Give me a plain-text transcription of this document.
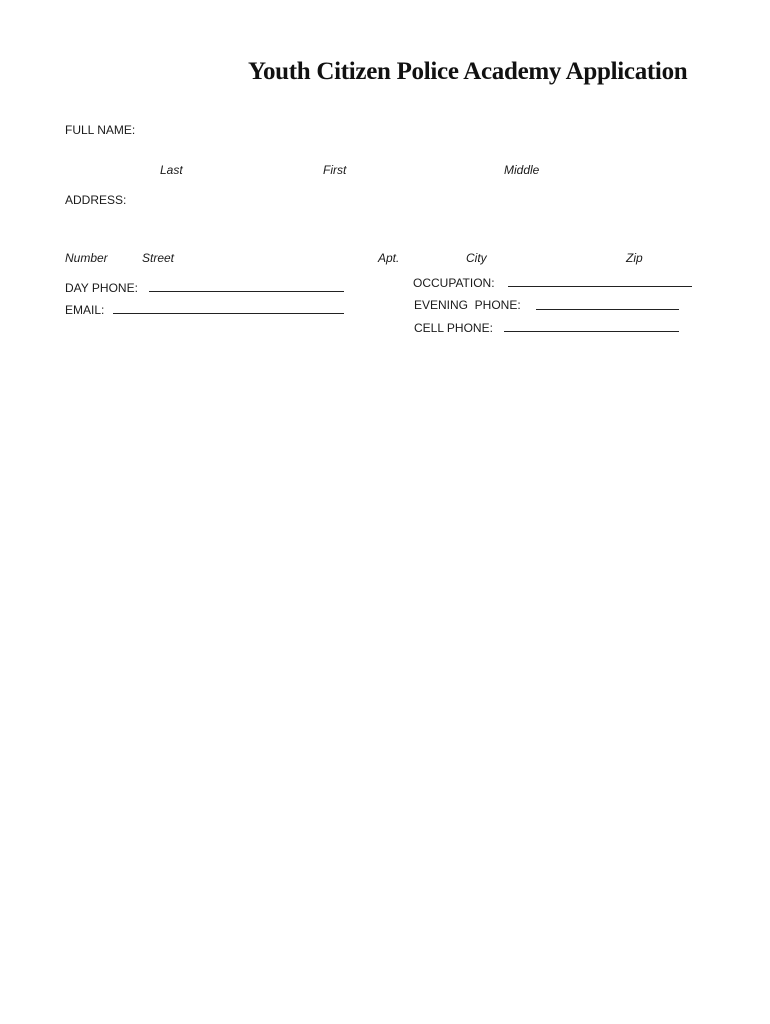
Youth Citizen Police Academy Application
FULL NAME:
Last	First	Middle
ADDRESS:
Number	Street	Apt.	City	Zip
DAY PHONE:
EMAIL:
OCCUPATION:
EVENING  PHONE:
CELL PHONE:
